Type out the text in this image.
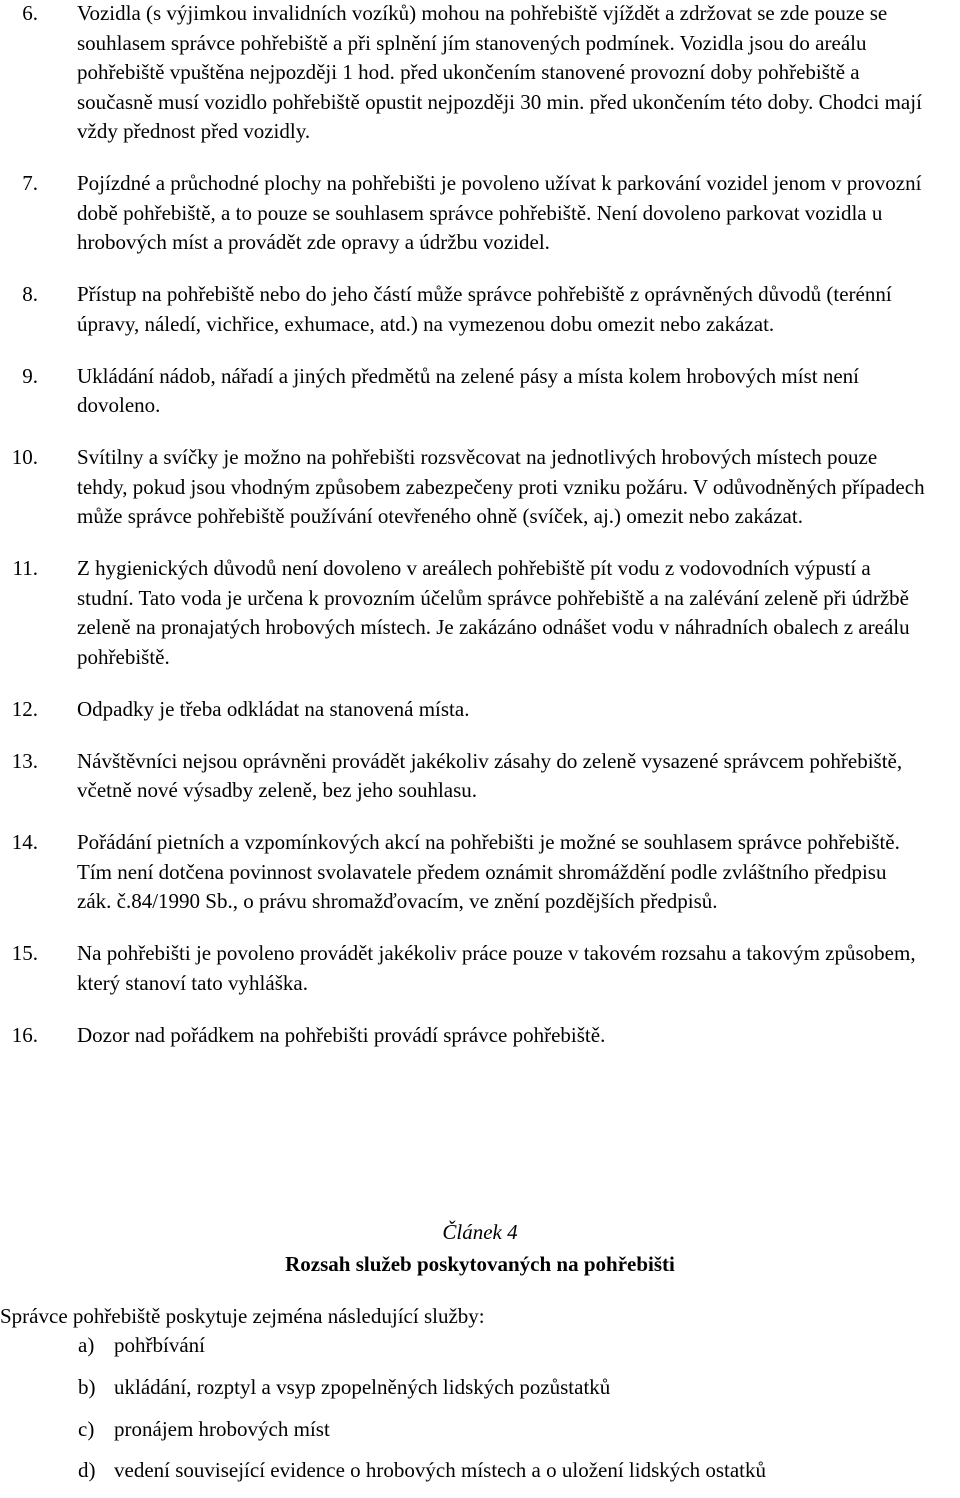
6.	Vozidla (s výjimkou invalidních vozíků) mohou na pohřebiště vjíždět a zdržovat se zde pouze se souhlasem správce pohřebiště a při splnění jím stanovených podmínek. Vozidla jsou do areálu pohřebiště vpuštěna nejpozději 1 hod. před ukončením stanovené provozní doby pohřebiště a současně musí vozidlo pohřebiště opustit nejpozději 30 min. před ukončením této doby. Chodci mají vždy přednost před vozidly.
7.	Pojízdné a průchodné plochy na pohřebišti je povoleno užívat k parkování vozidel jenom v provozní době pohřebiště, a to pouze se souhlasem správce pohřebiště. Není dovoleno parkovat vozidla u hrobových míst a provádět zde opravy a údržbu vozidel.
8.	Přístup na pohřebiště nebo do jeho částí může správce pohřebiště z oprávněných důvodů (terénní úpravy, náledí, vichřice, exhumace, atd.) na vymezenou dobu omezit nebo zakázat.
9.	Ukládání nádob, nářadí a jiných předmětů na zelené pásy a místa kolem hrobových míst není dovoleno.
10.	Svítilny a svíčky je možno na pohřebišti rozsvěcovat na jednotlivých hrobových místech pouze tehdy, pokud jsou vhodným způsobem zabezpečeny proti vzniku požáru. V odůvodněných případech může správce pohřebiště používání otevřeného ohně (svíček, aj.) omezit nebo zakázat.
11.	Z hygienických důvodů není dovoleno v areálech pohřebiště pít vodu z vodovodních výpustí a studní. Tato voda je určena k provozním účelům správce pohřebiště a na zalévání zeleně při údržbě zeleně na pronajatých hrobových místech. Je zakázáno odnášet vodu v náhradních obalech z areálu pohřebiště.
12.	Odpadky je třeba odkládat na stanovená místa.
13.	Návštěvníci nejsou oprávněni provádět jakékoliv zásahy do zeleně vysazené správcem pohřebiště, včetně nové výsadby zeleně, bez jeho souhlasu.
14.	Pořádání pietních a vzpomínkových akcí na pohřebišti je možné se souhlasem správce pohřebiště. Tím není dotčena povinnost svolavatele předem oznámit shromáždění podle zvláštního předpisu zák. č.84/1990 Sb., o právu shromažďovacím, ve znění pozdějších předpisů.
15.	Na pohřebišti je povoleno provádět jakékoliv práce pouze v takovém rozsahu a takovým způsobem, který stanoví tato vyhláška.
16.	Dozor nad pořádkem na pohřebišti provádí správce pohřebiště.
Článek 4
Rozsah služeb poskytovaných na pohřebišti
Správce pohřebiště poskytuje zejména následující služby:
a) pohřbívání
b) ukládání, rozptyl a vsyp zpopelněných lidských pozůstatků
c) pronájem hrobových míst
d) vedení související evidence o hrobových místech a o uložení lidských ostatků
